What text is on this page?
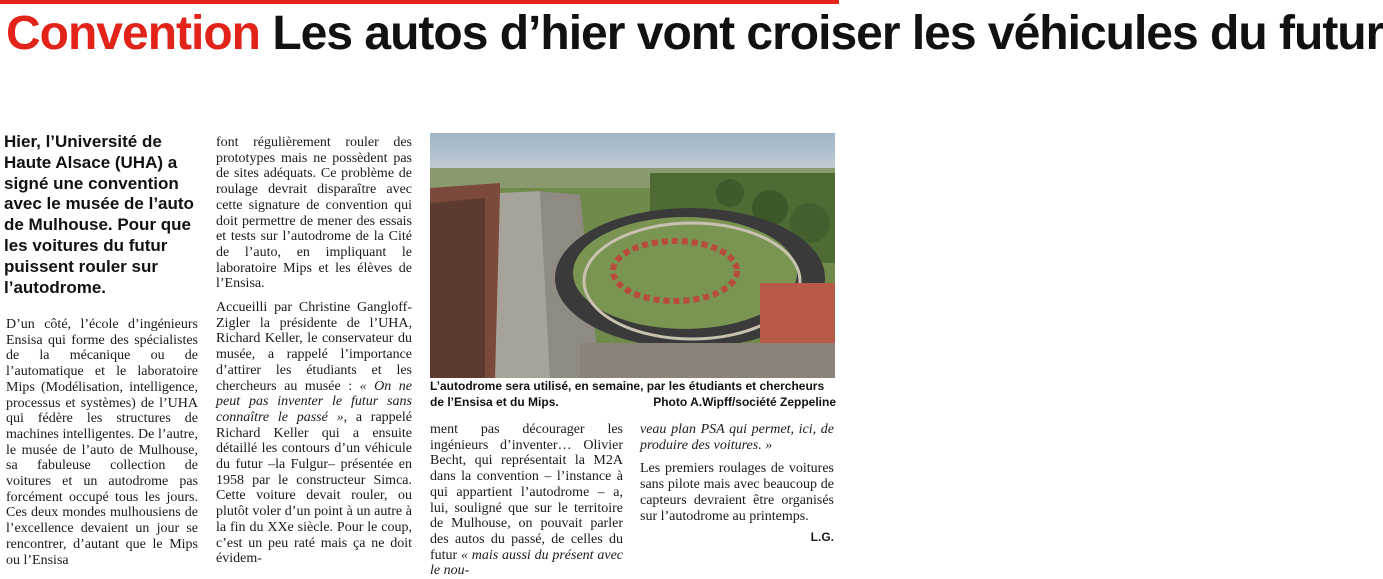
Convention Les autos d’hier vont croiser les véhicules du futur
Hier, l’Université de Haute Alsace (UHA) a signé une convention avec le musée de l’auto de Mulhouse. Pour que les voitures du futur puissent rouler sur l’autodrome.

D’un côté, l’école d’ingénieurs Ensisa qui forme des spécialistes de la mécanique ou de l’automatique et le laboratoire Mips (Modélisation, intelligence, processus et systèmes) de l’UHA qui fédère les structures de machines intelligentes. De l’autre, le musée de l’auto de Mulhouse, sa fabuleuse collection de voitures et un autodrome pas forcément occupé tous les jours. Ces deux mondes mulhousiens de l’excellence devaient un jour se rencontrer, d’autant que le Mips ou l’Ensisa

font régulièrement rouler des prototypes mais ne possèdent pas de sites adéquats. Ce problème de roulage devrait disparaître avec cette signature de convention qui doit permettre de mener des essais et tests sur l’autodrome de la Cité de l’auto, en impliquant le laboratoire Mips et les élèves de l’Ensisa.

Accueilli par Christine Gangloff-Zigler la présidente de l’UHA, Richard Keller, le conservateur du musée, a rappelé l’importance d’attirer les étudiants et les chercheurs au musée : « On ne peut pas inventer le futur sans connaître le passé », a rappelé Richard Keller qui a ensuite détaillé les contours d’un véhicule du futur –la Fulgur– présentée en 1958 par le constructeur Simca. Cette voiture devait rouler, ou plutôt voler d’un point à un autre à la fin du XXe siècle. Pour le coup, c’est un peu raté mais ça ne doit évidem-

L’autodrome sera utilisé, en semaine, par les étudiants et chercheurs de l’Ensisa et du Mips.	Photo A.Wipff/société Zeppeline

ment pas décourager les ingénieurs d’inventer… Olivier Becht, qui représentait la M2A dans la convention – l’instance à qui appartient l’autodrome – a, lui, souligné que sur le territoire de Mulhouse, on pouvait parler des autos du passé, de celles du futur « mais aussi du présent avec le nou-

veau plan PSA qui permet, ici, de produire des voitures. »

Les premiers roulages de voitures sans pilote mais avec beaucoup de capteurs devraient être organisés sur l’autodrome au printemps.

L.G.
